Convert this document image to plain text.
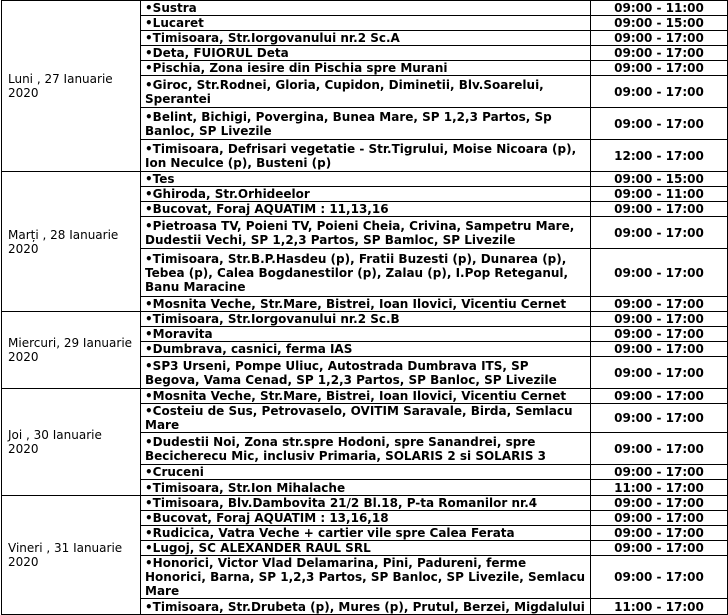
Luni , 27 Ianuarie 2020	•Sustra	09:00 - 11:00
	•Lucaret	09:00 - 15:00
	•Timisoara, Str.Iorgovanului nr.2 Sc.A	09:00 - 17:00
	•Deta, FUIORUL Deta	09:00 - 17:00
	•Pischia, Zona iesire din Pischia spre Murani	09:00 - 17:00
	•Giroc, Str.Rodnei, Gloria, Cupidon, Diminetii, Blv.Soarelui, Sperantei	09:00 - 17:00
	•Belint, Bichigi, Povergina, Bunea Mare, SP 1,2,3 Partos, Sp Banloc, SP Livezile	09:00 - 17:00
	•Timisoara, Defrisari vegetatie - Str.Tigrului, Moise Nicoara (p), Ion Neculce (p), Busteni (p)	12:00 - 17:00
Marți , 28 Ianuarie 2020	•Tes	09:00 - 15:00
	•Ghiroda, Str.Orhideelor	09:00 - 11:00
	•Bucovat, Foraj AQUATIM : 11,13,16	09:00 - 17:00
	•Pietroasa TV, Poieni TV, Poieni Cheia, Crivina, Sampetru Mare, Dudestii Vechi, SP 1,2,3 Partos, SP Bamloc, SP Livezile	09:00 - 17:00
	•Timisoara, Str.B.P.Hasdeu (p), Fratii Buzesti (p), Dunarea (p), Tebea (p), Calea Bogdanestilor (p), Zalau (p), I.Pop Reteganul, Banu Maracine	09:00 - 17:00
	•Mosnita Veche, Str.Mare, Bistrei, Ioan Ilovici, Vicentiu Cernet	09:00 - 17:00
Miercuri, 29 Ianuarie 2020	•Timisoara, Str.Iorgovanului nr.2 Sc.B	09:00 - 17:00
	•Moravita	09:00 - 17:00
	•Dumbrava, casnici, ferma IAS	09:00 - 17:00
	•SP3 Urseni, Pompe Uliuc, Autostrada Dumbrava ITS, SP Begova, Vama Cenad, SP 1,2,3 Partos, SP Banloc, SP Livezile	09:00 - 17:00
Joi , 30 Ianuarie 2020	•Mosnita Veche, Str.Mare, Bistrei, Ioan Ilovici, Vicentiu Cernet	09:00 - 17:00
	•Costeiu de Sus, Petrovaselo, OVITIM Saravale, Birda, Semlacu Mare	09:00 - 17:00
	•Dudestii Noi, Zona str.spre Hodoni, spre Sanandrei, spre Becicherecu Mic, inclusiv Primaria, SOLARIS 2 si SOLARIS 3	09:00 - 17:00
	•Cruceni	09:00 - 17:00
	•Timisoara, Str.Ion Mihalache	11:00 - 17:00
Vineri , 31 Ianuarie 2020	•Timisoara, Blv.Dambovita 21/2 Bl.18, P-ta Romanilor nr.4	09:00 - 17:00
	•Bucovat, Foraj AQUATIM : 13,16,18	09:00 - 17:00
	•Rudicica, Vatra Veche + cartier vile spre Calea Ferata	09:00 - 17:00
	•Lugoj, SC ALEXANDER RAUL SRL	09:00 - 17:00
	•Honorici, Victor Vlad Delamarina, Pini, Padureni, ferme Honorici, Barna, SP 1,2,3 Partos, SP Banloc, SP Livezile, Semlacu Mare	09:00 - 17:00
	•Timisoara, Str.Drubeta (p), Mures (p), Prutul, Berzei, Migdalului	11:00 - 17:00
